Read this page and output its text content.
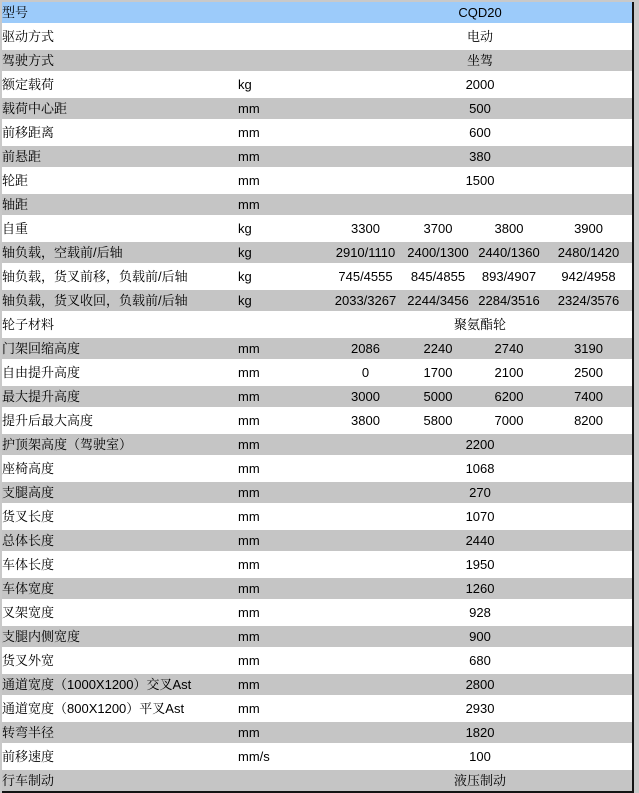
型号		CQD20			
驱动方式		电动			
驾驶方式		坐驾			
额定载荷	kg	2000			
载荷中心距	mm	500			
前移距离	mm	600			
前悬距	mm	380			
轮距	mm	1500			
轴距	mm				
自重	kg	3300	3700	3800	3900
轴负载，空载前/后轴	kg	2910/1110	2400/1300	2440/1360	2480/1420
轴负载，货叉前移，负载前/后轴	kg	745/4555	845/4855	893/4907	942/4958
轴负载，货叉收回，负载前/后轴	kg	2033/3267	2244/3456	2284/3516	2324/3576
轮子材料		聚氨酯轮			
门架回缩高度	mm	2086	2240	2740	3190
自由提升高度	mm	0	1700	2100	2500
最大提升高度	mm	3000	5000	6200	7400
提升后最大高度	mm	3800	5800	7000	8200
护顶架高度（驾驶室）	mm	2200			
座椅高度	mm	1068			
支腿高度	mm	270			
货叉长度	mm	1070			
总体长度	mm	2440			
车体长度	mm	1950			
车体宽度	mm	1260			
叉架宽度	mm	928			
支腿内侧宽度	mm	900			
货叉外宽	mm	680			
通道宽度（1000X1200）交叉Ast	mm	2800			
通道宽度（800X1200）平叉Ast	mm	2930			
转弯半径	mm	1820			
前移速度	mm/s	100			
行车制动		液压制动			
